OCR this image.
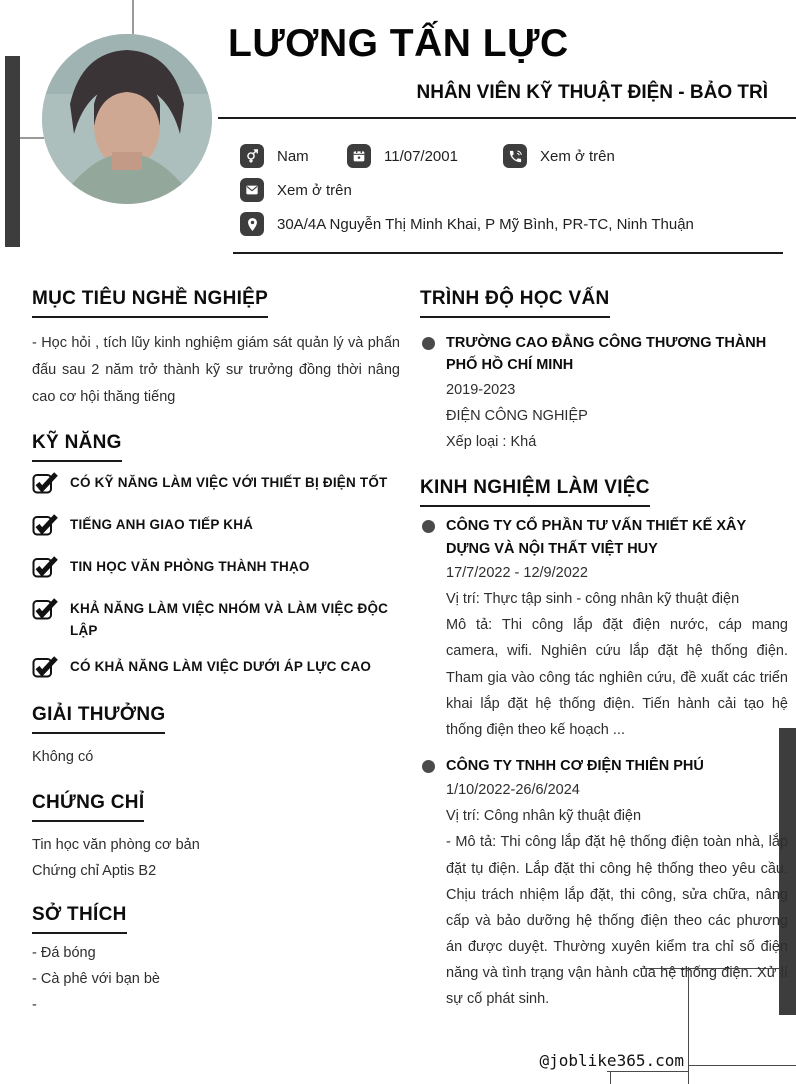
LƯƠNG TẤN LỰC
NHÂN VIÊN KỸ THUẬT ĐIỆN - BẢO TRÌ
Nam	11/07/2001	Xem ở trên
Xem ở trên
30A/4A Nguyễn Thị Minh Khai, P Mỹ Bình, PR-TC, Ninh Thuận
MỤC TIÊU NGHỀ NGHIỆP

- Học hỏi , tích lũy kinh nghiệm giám sát quản lý và phấn đấu sau 2 năm trở thành kỹ sư trưởng đồng thời nâng cao cơ hội thăng tiếng

KỸ NĂNG
CÓ KỸ NĂNG LÀM VIỆC VỚI THIẾT BỊ ĐIỆN TỐT
TIẾNG ANH GIAO TIẾP KHÁ
TIN HỌC VĂN PHÒNG THÀNH THẠO
KHẢ NĂNG LÀM VIỆC NHÓM VÀ LÀM VIỆC ĐỘC LẬP
CÓ KHẢ NĂNG LÀM VIỆC DƯỚI ÁP LỰC CAO
GIẢI THƯỞNG

Không có

CHỨNG CHỈ

Tin học văn phòng cơ bản
Chứng chỉ Aptis B2

SỞ THÍCH

- Đá bóng
- Cà phê với bạn bè
-

TRÌNH ĐỘ HỌC VẤN
TRƯỜNG CAO ĐẲNG CÔNG THƯƠNG THÀNH PHỐ HỒ CHÍ MINH
2019-2023
ĐIỆN CÔNG NGHIỆP
Xếp loại : Khá
KINH NGHIỆM LÀM VIỆC
CÔNG TY CỔ PHẦN TƯ VẤN THIẾT KẾ XÂY DỰNG VÀ NỘI THẤT VIỆT HUY
17/7/2022 - 12/9/2022
Vị trí: Thực tập sinh - công nhân kỹ thuật điện

Mô tả: Thi công lắp đặt điện nước, cáp mang camera, wifi. Nghiên cứu lắp đặt hệ thống điện. Tham gia vào công tác nghiên cứu, đề xuất các triển khai lắp đặt hệ thống điện. Tiến hành cải tạo hệ thống điện theo kế hoạch ...

CÔNG TY TNHH CƠ ĐIỆN THIÊN PHÚ
1/10/2022-26/6/2024
Vị trí: Công nhân kỹ thuật điện

- Mô tả: Thi công lắp đặt hệ thống điện toàn nhà, lắp đặt tụ điện. Lắp đặt thi công hệ thống theo yêu cầu. Chịu trách nhiệm lắp đặt, thi công, sửa chữa, nâng cấp và bảo dưỡng hệ thống điện theo các phương án được duyệt. Thường xuyên kiểm tra chỉ số điện năng và tình trạng vận hành của hệ thống điện. Xử lí sự cố phát sinh.

@joblike365.com
